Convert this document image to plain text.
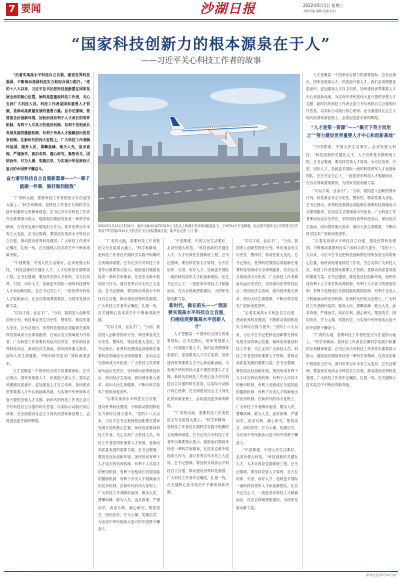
7 要闻	沙湖日报	2022年6月1日 星期三
本版责编 编辑 美编 校对
“国家科技创新力的根本源泉在于人”
——习近平关心科技工作者的故事

“沿着实现高水平科技自立自强，建设世界科技强国，不断推动我国科技实力和综合国力提升。”党的十八大以来，习近平总书记把科技创新摆在国家发展全局的核心位置，始终高度重视科技工作者，关心支持广大科技人员。科技工作者是国家重要人才资源，是推动高质量发展的重要力量。总书记强调，要营造良好创新环境，加快形成有利于人才成长的培养机制、有利于人尽其才的使用机制、有利于竞相成长各展其能的激励机制、有利于各类人才脱颖而出的竞争机制。在新时代的伟大征程上，广大科技工作者胸怀祖国、服务人民，勇攀高峰、敢为人先，追求真理、严谨治学，淡泊名利、潜心研究，集智攻关、团结协作，甘为人梯、奖掖后学，为实现中华民族伟大复兴的中国梦不懈奋斗。

奋力谱写科技自立自强新篇章——“一辈子就做一件事，做好做到极致”

“广袤的大地，需要科技工作者把论文写在祖国大地上。”科学家精神，是科技工作者在长期科学实践中积累的宝贵精神财富。总书记多次对科技工作者作出重要指示批示，勉励他们继续发扬老一辈科学家精神，在攻坚克难中展现担当作为。面对世界百年未有之大变局，总书记强调，要加快实现高水平科技自立自强，推动建设世界科技强国。广大科技工作者牢记嘱托，扎根一线，在关键核心技术攻关中不断取得新突破。

“中国要强，中国人民生活要好，必须有强大科技。”科技创新的关键在人才，人才培养是长期系统工程。总书记强调，要坚持党管人才原则，全方位培养、引进、用好人才，造就更多国际一流的科技领军人才和创新团队。在总书记关心下，一批批青年科技人才脱颖而出，在各自领域勇挑重担，为国家发展贡献力量。

“功以才成，业由才广。”当前，我国进入创新型国家行列，科技事业发生历史性、整体性、格局性重大变化。总书记指出，世界科技强国必须能够在重要科技领域成为全球领跑者，在前沿交叉领域成为开拓者。广大科技工作者要肩负起历史责任，坚持面向世界科技前沿、面向经济主战场、面向国家重大需求、面向人民生命健康，不断向科学技术广度和深度进军。

人才是衡量一个国家综合国力的重要指标。总书记指出，国家发展靠人才，民族振兴靠人才。我们必须增强忧患意识，更加重视人才自主培养，加快建设世界重要人才中心和创新高地，为实现中华民族伟大复兴提供坚强人才支撑。新时代的科技工作者正奋力书写科技自立自强的时代答卷，以实际行动践行初心使命。在全面建设社会主义现代化国家新征程上，必将创造更多新的辉煌。

2022年5月14日7时52分，编号为B-001J的C919大飞机从上海浦东机场第4跑道起飞，于9时54分安全降落，标志着中国商飞公司即将交付首家用户的首架C919大飞机首次飞行试验圆满完成。新华社记者 丁汀 摄

“广袤的大地，需要科技工作者把论文写在祖国大地上。”科学家精神，是科技工作者在长期科学实践中积累的宝贵精神财富。总书记多次对科技工作者作出重要指示批示，勉励他们继续发扬老一辈科学家精神，在攻坚克难中展现担当作为。面对世界百年未有之大变局，总书记强调，要加快实现高水平科技自立自强，推动建设世界科技强国。广大科技工作者牢记嘱托，扎根一线，在关键核心技术攻关中不断取得新突破。

“功以才成，业由才广。”当前，我国进入创新型国家行列，科技事业发生历史性、整体性、格局性重大变化。总书记指出，世界科技强国必须能够在重要科技领域成为全球领跑者，在前沿交叉领域成为开拓者。广大科技工作者要肩负起历史责任，坚持面向世界科技前沿、面向经济主战场、面向国家重大需求、面向人民生命健康，不断向科学技术广度和深度进军。

“沿着实现高水平科技自立自强，建设世界科技强国，不断推动我国科技实力和综合国力提升。”党的十八大以来，习近平总书记把科技创新摆在国家发展全局的核心位置，始终高度重视科技工作者，关心支持广大科技人员。科技工作者是国家重要人才资源，是推动高质量发展的重要力量。总书记强调，要营造良好创新环境，加快形成有利于人才成长的培养机制、有利于人尽其才的使用机制、有利于竞相成长各展其能的激励机制、有利于各类人才脱颖而出的竞争机制。在新时代的伟大征程上，广大科技工作者胸怀祖国、服务人民，勇攀高峰、敢为人先，追求真理、严谨治学，淡泊名利、潜心研究，集智攻关、团结协作，甘为人梯、奖掖后学，为实现中华民族伟大复兴的中国梦不懈奋斗。

“中国要强，中国人民生活要好，必须有强大科技。”科技创新的关键在人才，人才培养是长期系统工程。总书记强调，要坚持党管人才原则，全方位培养、引进、用好人才，造就更多国际一流的科技领军人才和创新团队。在总书记关心下，一批批青年科技人才脱颖而出，在各自领域勇挑重担，为国家发展贡献力量。

新时代，做在前头——“我国要实现高水平科技自立自强，归根结底要靠高水平创新人才”

人才是衡量一个国家综合国力的重要指标。总书记指出，国家发展靠人才，民族振兴靠人才。我们必须增强忧患意识，更加重视人才自主培养，加快建设世界重要人才中心和创新高地，为实现中华民族伟大复兴提供坚强人才支撑。新时代的科技工作者正奋力书写科技自立自强的时代答卷，以实际行动践行初心使命。在全面建设社会主义现代化国家新征程上，必将创造更多新的辉煌。

“广袤的大地，需要科技工作者把论文写在祖国大地上。”科学家精神，是科技工作者在长期科学实践中积累的宝贵精神财富。总书记多次对科技工作者作出重要指示批示，勉励他们继续发扬老一辈科学家精神，在攻坚克难中展现担当作为。面对世界百年未有之大变局，总书记强调，要加快实现高水平科技自立自强，推动建设世界科技强国。广大科技工作者牢记嘱托，扎根一线，在关键核心技术攻关中不断取得新突破。

“功以才成，业由才广。”当前，我国进入创新型国家行列，科技事业发生历史性、整体性、格局性重大变化。总书记指出，世界科技强国必须能够在重要科技领域成为全球领跑者，在前沿交叉领域成为开拓者。广大科技工作者要肩负起历史责任，坚持面向世界科技前沿、面向经济主战场、面向国家重大需求、面向人民生命健康，不断向科学技术广度和深度进军。

“沿着实现高水平科技自立自强，建设世界科技强国，不断推动我国科技实力和综合国力提升。”党的十八大以来，习近平总书记把科技创新摆在国家发展全局的核心位置，始终高度重视科技工作者，关心支持广大科技人员。科技工作者是国家重要人才资源，是推动高质量发展的重要力量。总书记强调，要营造良好创新环境，加快形成有利于人才成长的培养机制、有利于人尽其才的使用机制、有利于竞相成长各展其能的激励机制、有利于各类人才脱颖而出的竞争机制。在新时代的伟大征程上，广大科技工作者胸怀祖国、服务人民，勇攀高峰、敢为人先，追求真理、严谨治学，淡泊名利、潜心研究，集智攻关、团结协作，甘为人梯、奖掖后学，为实现中华民族伟大复兴的中国梦不懈奋斗。

“中国要强，中国人民生活要好，必须有强大科技。”科技创新的关键在人才，人才培养是长期系统工程。总书记强调，要坚持党管人才原则，全方位培养、引进、用好人才，造就更多国际一流的科技领军人才和创新团队。在总书记关心下，一批批青年科技人才脱颖而出，在各自领域勇挑重担，为国家发展贡献力量。

人才是衡量一个国家综合国力的重要指标。总书记指出，国家发展靠人才，民族振兴靠人才。我们必须增强忧患意识，更加重视人才自主培养，加快建设世界重要人才中心和创新高地，为实现中华民族伟大复兴提供坚强人才支撑。新时代的科技工作者正奋力书写科技自立自强的时代答卷，以实际行动践行初心使命。在全面建设社会主义现代化国家新征程上，必将创造更多新的辉煌。

“人才是第一资源”——“聚天下英才而用之”“努力建设世界重要人才中心和创新高地”

“中国要强，中国人民生活要好，必须有强大科技。”科技创新的关键在人才，人才培养是长期系统工程。总书记强调，要坚持党管人才原则，全方位培养、引进、用好人才，造就更多国际一流的科技领军人才和创新团队。在总书记关心下，一批批青年科技人才脱颖而出，在各自领域勇挑重担，为国家发展贡献力量。

“功以才成，业由才广。”当前，我国进入创新型国家行列，科技事业发生历史性、整体性、格局性重大变化。总书记指出，世界科技强国必须能够在重要科技领域成为全球领跑者，在前沿交叉领域成为开拓者。广大科技工作者要肩负起历史责任，坚持面向世界科技前沿、面向经济主战场、面向国家重大需求、面向人民生命健康，不断向科学技术广度和深度进军。

“沿着实现高水平科技自立自强，建设世界科技强国，不断推动我国科技实力和综合国力提升。”党的十八大以来，习近平总书记把科技创新摆在国家发展全局的核心位置，始终高度重视科技工作者，关心支持广大科技人员。科技工作者是国家重要人才资源，是推动高质量发展的重要力量。总书记强调，要营造良好创新环境，加快形成有利于人才成长的培养机制、有利于人尽其才的使用机制、有利于竞相成长各展其能的激励机制、有利于各类人才脱颖而出的竞争机制。在新时代的伟大征程上，广大科技工作者胸怀祖国、服务人民，勇攀高峰、敢为人先，追求真理、严谨治学，淡泊名利、潜心研究，集智攻关、团结协作，甘为人梯、奖掖后学，为实现中华民族伟大复兴的中国梦不懈奋斗。

“广袤的大地，需要科技工作者把论文写在祖国大地上。”科学家精神，是科技工作者在长期科学实践中积累的宝贵精神财富。总书记多次对科技工作者作出重要指示批示，勉励他们继续发扬老一辈科学家精神，在攻坚克难中展现担当作为。面对世界百年未有之大变局，总书记强调，要加快实现高水平科技自立自强，推动建设世界科技强国。广大科技工作者牢记嘱托，扎根一线，在关键核心技术攻关中不断取得新突破。

新华社北京5月31日电
